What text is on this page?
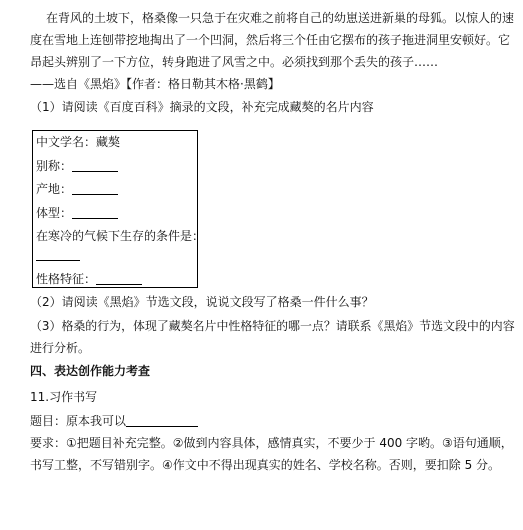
在背风的土坡下，格桑像一只急于在灾难之前将自己的幼崽送进新巢的母狐。以惊人的速
度在雪地上连刨带挖地掏出了一个凹洞，然后将三个任由它摆布的孩子拖进洞里安顿好。它
昂起头辨别了一下方位，转身跑进了风雪之中。必须找到那个丢失的孩子……
——选自《黑焰》【作者：格日勒其木格·黑鹤】
（1）请阅读《百度百科》摘录的文段，补充完成藏獒的名片内容
中文学名：藏獒
别称：
产地：
体型：
在寒冷的气候下生存的条件是：
性格特征：
（2）请阅读《黑焰》节选文段，说说文段写了格桑一件什么事？
（3）格桑的行为，体现了藏獒名片中性格特征的哪一点？请联系《黑焰》节选文段中的内容
进行分析。
四、表达创作能力考查
11.习作书写
题目：原本我可以
要求：①把题目补充完整。②做到内容具体，感情真实，不要少于 400 字哟。③语句通顺，
书写工整，不写错别字。④作文中不得出现真实的姓名、学校名称。否则，要扣除 5 分。
